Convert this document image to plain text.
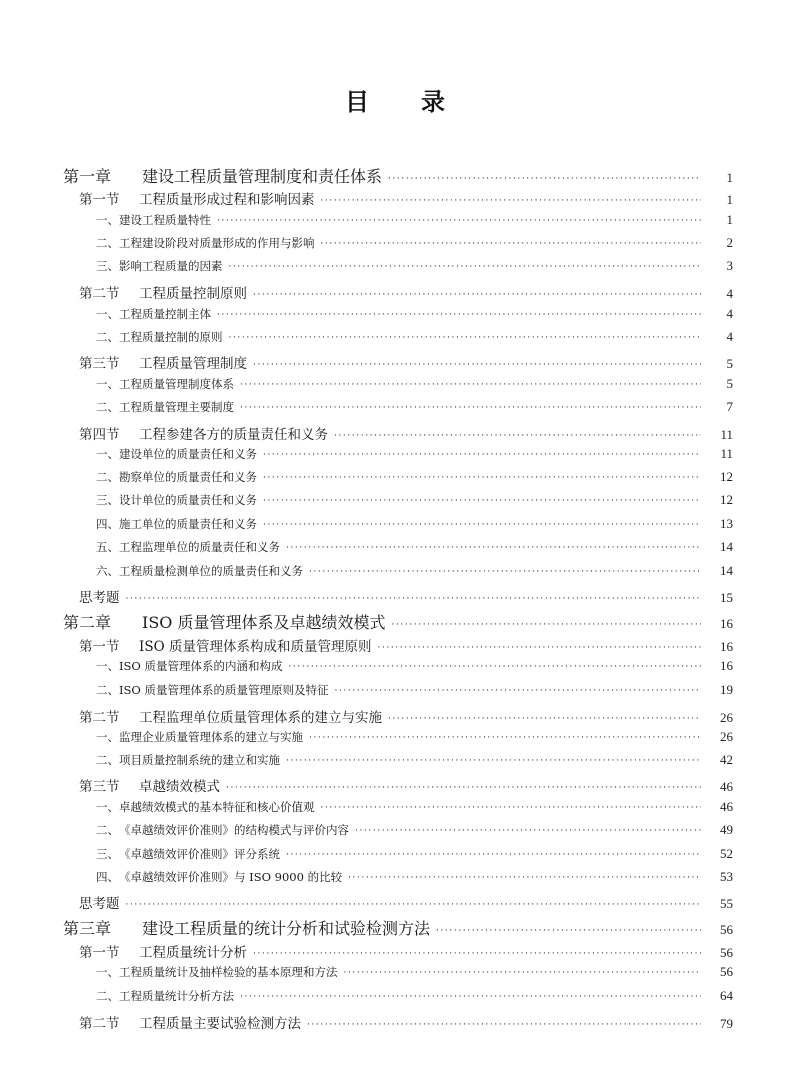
目 录
第一章	建设工程质量管理制度和责任体系 ·····	1
第一节	工程质量形成过程和影响因素 ·····	1
一、 建设工程质量特性 ·····	1
二、 工程建设阶段对质量形成的作用与影响 ·····	2
三、 影响工程质量的因素 ·····	3
第二节	工程质量控制原则 ·····	4
一、 工程质量控制主体 ·····	4
二、 工程质量控制的原则 ·····	4
第三节	工程质量管理制度 ·····	5
一、 工程质量管理制度体系 ·····	5
二、 工程质量管理主要制度 ·····	7
第四节	工程参建各方的质量责任和义务 ·····	11
一、 建设单位的质量责任和义务 ·····	11
二、 勘察单位的质量责任和义务 ·····	12
三、 设计单位的质量责任和义务 ·····	12
四、 施工单位的质量责任和义务 ·····	13
五、 工程监理单位的质量责任和义务 ·····	14
六、 工程质量检测单位的质量责任和义务 ·····	14
思考题 ·····	15
第二章	ISO 质量管理体系及卓越绩效模式 ·····	16
第一节	ISO 质量管理体系构成和质量管理原则 ·····	16
一、 ISO 质量管理体系的内涵和构成 ·····	16
二、 ISO 质量管理体系的质量管理原则及特征 ·····	19
第二节	工程监理单位质量管理体系的建立与实施 ·····	26
一、 监理企业质量管理体系的建立与实施 ·····	26
二、 项目质量控制系统的建立和实施 ·····	42
第三节	卓越绩效模式 ·····	46
一、 卓越绩效模式的基本特征和核心价值观 ·····	46
二、 《卓越绩效评价准则》的结构模式与评价内容 ·····	49
三、 《卓越绩效评价准则》评分系统 ·····	52
四、 《卓越绩效评价准则》与 ISO 9000 的比较 ·····	53
思考题 ·····	55
第三章	建设工程质量的统计分析和试验检测方法 ·····	56
第一节	工程质量统计分析 ·····	56
一、 工程质量统计及抽样检验的基本原理和方法 ·····	56
二、 工程质量统计分析方法 ·····	64
第二节	工程质量主要试验检测方法 ·····	79
